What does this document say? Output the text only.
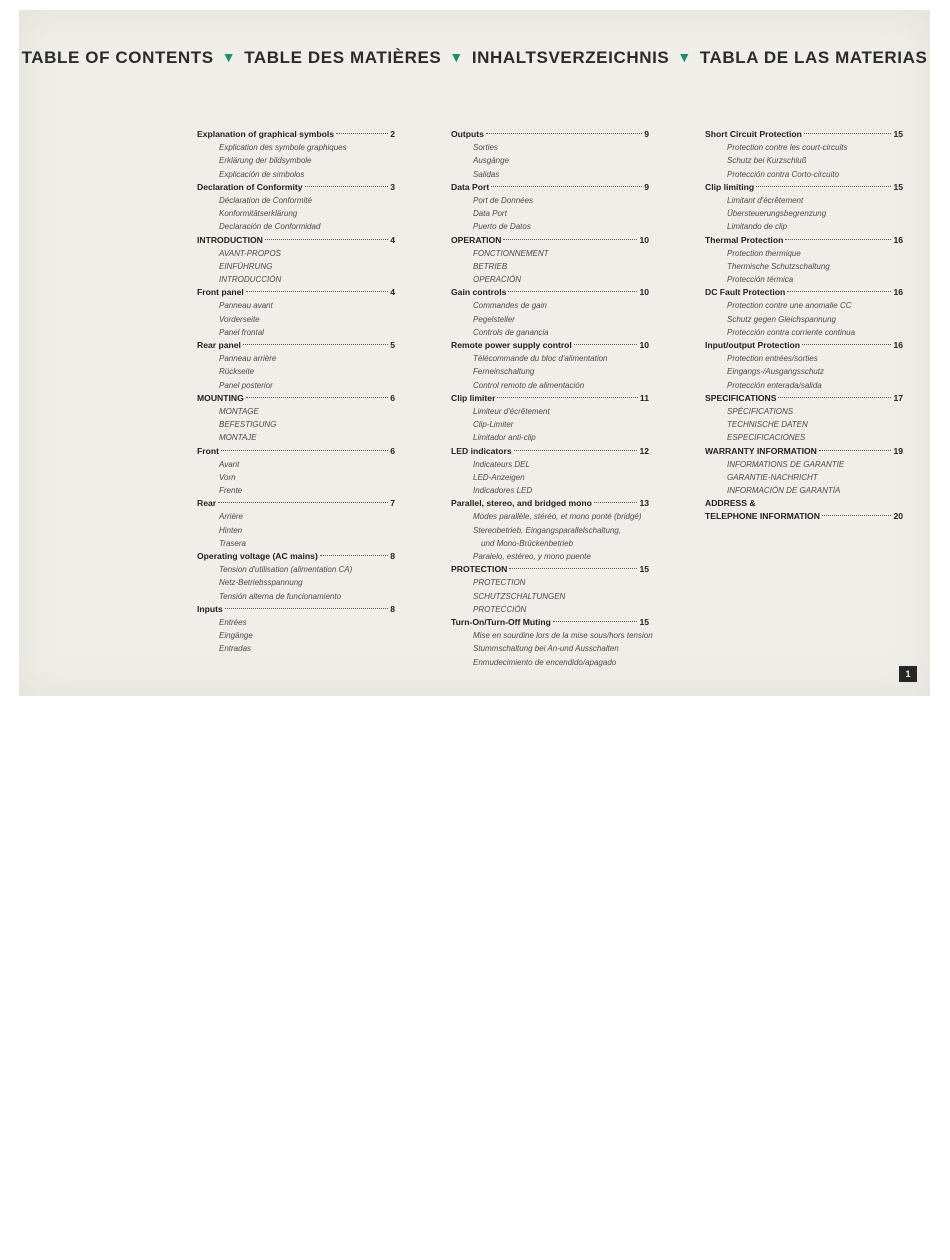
TABLE OF CONTENTS ▼ TABLE DES MATIÈRES ▼ INHALTSVERZEICHNIS ▼ TABLA DE LAS MATERIAS
Explanation of graphical symbols	2
Explication des symbole graphiques
Erklärung der bildsymbole
Explicación de simbolos
Declaration of Conformity	3
Déclaration de Conformité
Konformitätserklärung
Declaración de Conformidad
INTRODUCTION	4
AVANT-PROPOS
EINFÜHRUNG
INTRODUCCIÓN
Front panel	4
Panneau avant
Vorderseite
Panel frontal
Rear panel	5
Panneau arrière
Rückseite
Panel posterior
MOUNTING	6
MONTAGE
BEFESTIGUNG
MONTAJE
Front	6
Avant
Vorn
Frente
Rear	7
Arrière
Hinten
Trasera
Operating voltage (AC mains)	8
Tension d'utilisation (alimentation CA)
Netz-Betriebsspannung
Tensión alterna de funcionamiento
Inputs	8
Entrées
Eingänge
Entradas
Outputs	9
Sorties
Ausgänge
Salidas
Data Port	9
Port de Données
Data Port
Puerto de Datos
OPERATION	10
FONCTIONNEMENT
BETRIEB
OPERACIÓN
Gain controls	10
Commandes de gain
Pegelsteller
Controls de ganancia
Remote power supply control	10
Télécommande du bloc d'alimentation
Ferneinschaltung
Control remoto de alimentación
Clip limiter	11
Limiteur d'écrêtement
Clip-Limiter
Limitador anti-clip
LED indicators	12
Indicateurs DEL
LED-Anzeigen
Indicadores LED
Parallel, stereo, and bridged mono	13
Modes parallèle, stéréo, et mono ponté (bridgé)
Stereobetrieb, Eingangsparallelschaltung,
und Mono-Brückenbetrieb
Paralelo, estéreo, y mono puente
PROTECTION	15
PROTECTION
SCHUTZSCHALTUNGEN
PROTECCIÓN
Turn-On/Turn-Off Muting	15
Mise en sourdine lors de la mise sous/hors tension
Stummschaltung bei An-und Ausschalten
Enmudecimiento de encendido/apagado
Short Circuit Protection	15
Protection contre les court-circuits
Schutz bei Kurzschluß
Protección contra Corto-circuito
Clip limiting	15
Limitant d'écrêtement
Übersteuerungsbegrenzung
Limitando de clip
Thermal Protection	16
Protection thermique
Thermische Schutzschaltung
Protección térmica
DC Fault Protection	16
Protection contre une anomalie CC
Schutz gegen Gleichspannung
Protección contra corriente continua
Input/output Protection	16
Protection entrées/sorties
Eingangs-/Ausgangsschutz
Protección enterada/salida
SPECIFICATIONS	17
SPÉCIFICATIONS
TECHNISCHE DATEN
ESPECIFICACIONES
WARRANTY INFORMATION	19
INFORMATIONS DE GARANTIE
GARANTIE-NACHRICHT
INFORMACIÓN DE GARANTÍA
ADDRESS &
TELEPHONE INFORMATION	20
1
